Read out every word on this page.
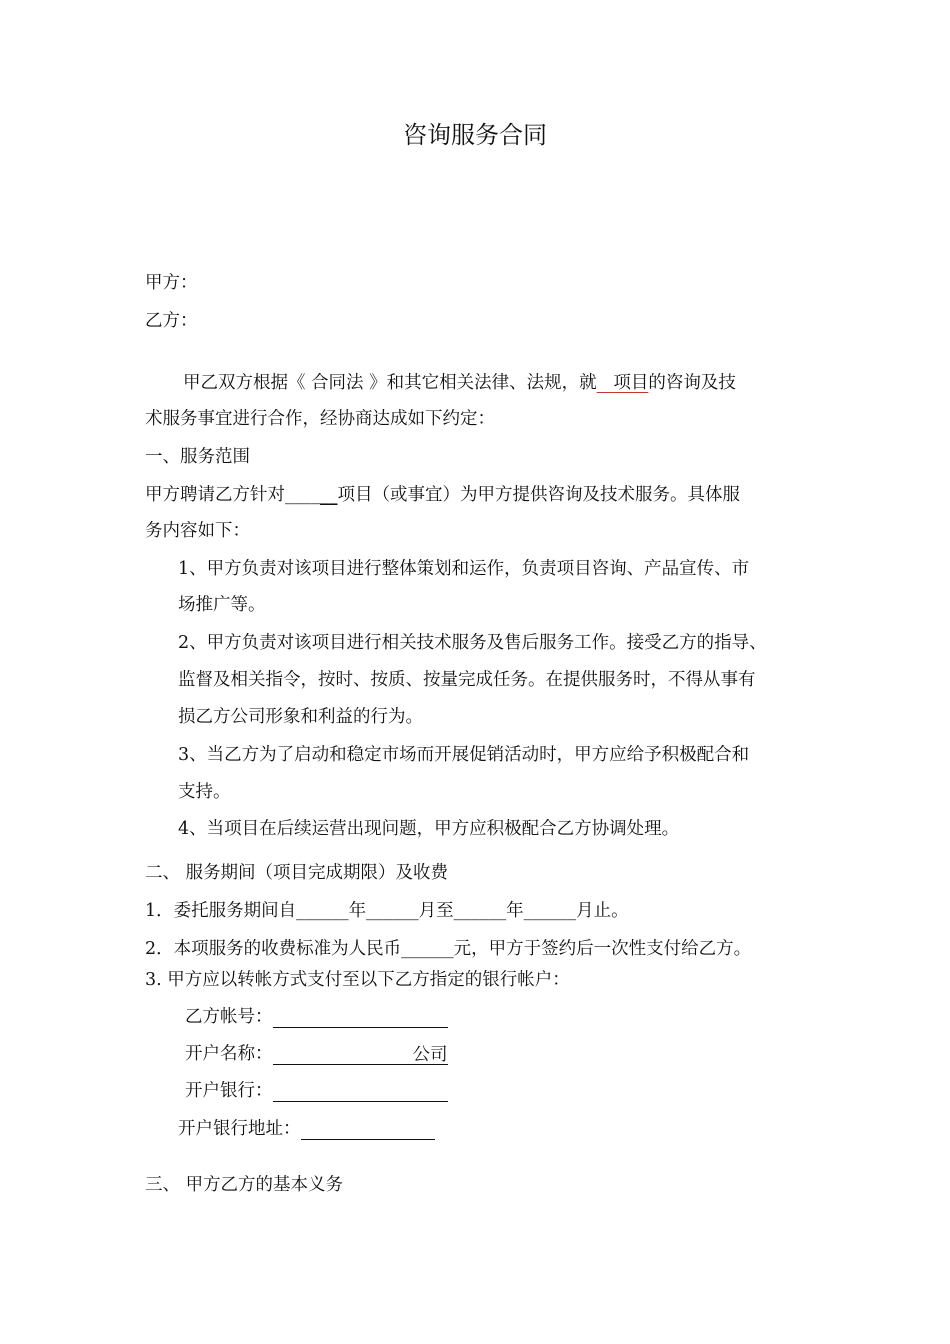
咨询服务合同
甲方：
乙方：
甲乙双方根据《 合同法 》和其它相关法律、法规，就 项目的咨询及技
术服务事宜进行合作，经协商达成如下约定：
一、服务范围
甲方聘请乙方针对______项目（或事宜）为甲方提供咨询及技术服务。具体服
务内容如下：
1、甲方负责对该项目进行整体策划和运作，负责项目咨询、产品宣传、市
场推广等。
2、甲方负责对该项目进行相关技术服务及售后服务工作。接受乙方的指导、
监督及相关指令，按时、按质、按量完成任务。在提供服务时，不得从事有
损乙方公司形象和利益的行为。
3、当乙方为了启动和稳定市场而开展促销活动时，甲方应给予积极配合和
支持。
4、当项目在后续运营出现问题，甲方应积极配合乙方协调处理。
二、 服务期间（项目完成期限）及收费
1．委托服务期间自______年______月至______年______月止。
2．本项服务的收费标准为人民币______元，甲方于签约后一次性支付给乙方。
3. 甲方应以转帐方式支付至以下乙方指定的银行帐户：
乙方帐号：
开户名称：	公司
开户银行：
开户银行地址：
三、 甲方乙方的基本义务
